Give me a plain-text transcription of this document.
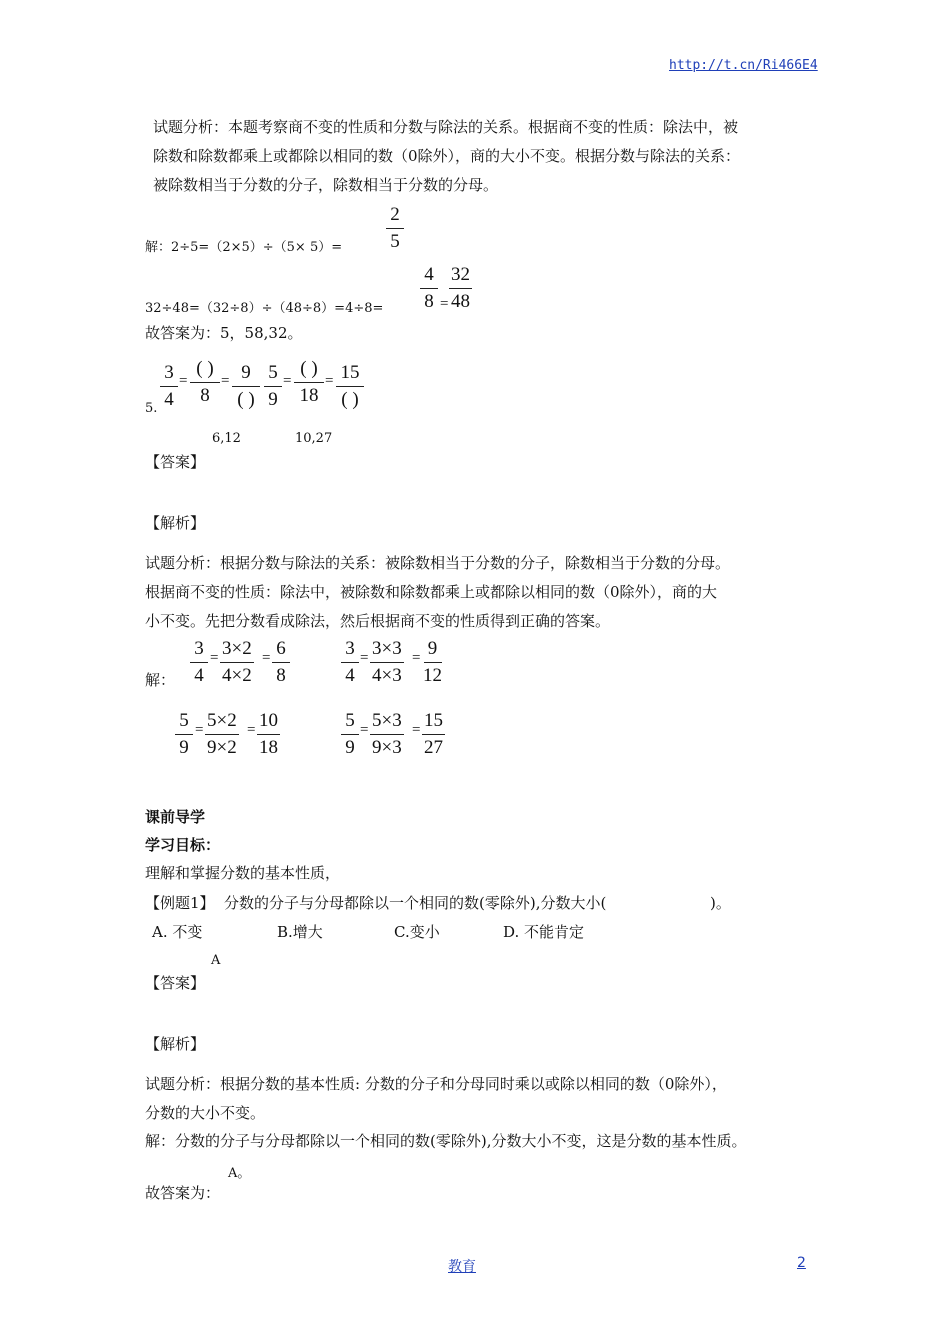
http://t.cn/Ri466E4
试题分析：本题考察商不变的性质和分数与除法的关系。根据商不变的性质：除法中，被
除数和除数都乘上或都除以相同的数（0除外），商的大小不变。根据分数与除法的关系：
被除数相当于分数的分子，除数相当于分数的分母。
解：$2\div 5=(2\times 5)\div(5\times 5)= \frac{2}{5}$
$32\div 48=(32\div 8)\div(48\div 8)=4\div 8= \frac{4}{8} = \frac{32}{48}$
故答案为：5，58,32。
5. $\frac{3}{4}$ =
( )
8
= 9
( ) $\frac{5}{9}$ =
( )
18
= 15
( )
6,12	10,27
【答案】
【解析】
试题分析：根据分数与除法的关系：被除数相当于分数的分子，除数相当于分数的分母。
根据商不变的性质：除法中，被除数和除数都乘上或都除以相同的数（0除外），商的大
小不变。先把分数看成除法，然后根据商不变的性质得到正确的答案。
解： $\frac{3}{4} = \frac{3\times 2}{4\times 2} = \frac{6}{8}$	$\frac{3}{4} = \frac{3\times 3}{4\times 3} = \frac{9}{12}$
$\frac{5}{9} = \frac{5\times 2}{9\times 2} = \frac{10}{18}$	$\frac{5}{9} = \frac{5\times 3}{9\times 3} = \frac{15}{27}$
课前导学
学习目标：
理解和掌握分数的基本性质，
【例题1】 分数的分子与分母都除以一个相同的数(零除外),分数大小(	)。
A. 不变	B.增大	C.变小	D. 不能肯定
A
【答案】
【解析】
试题分析：根据分数的基本性质: 分数的分子和分母同时乘以或除以相同的数（0除外），
分数的大小不变。
解：分数的分子与分母都除以一个相同的数(零除外),分数大小不变，这是分数的基本性质。
A。
故答案为：
教育	2
